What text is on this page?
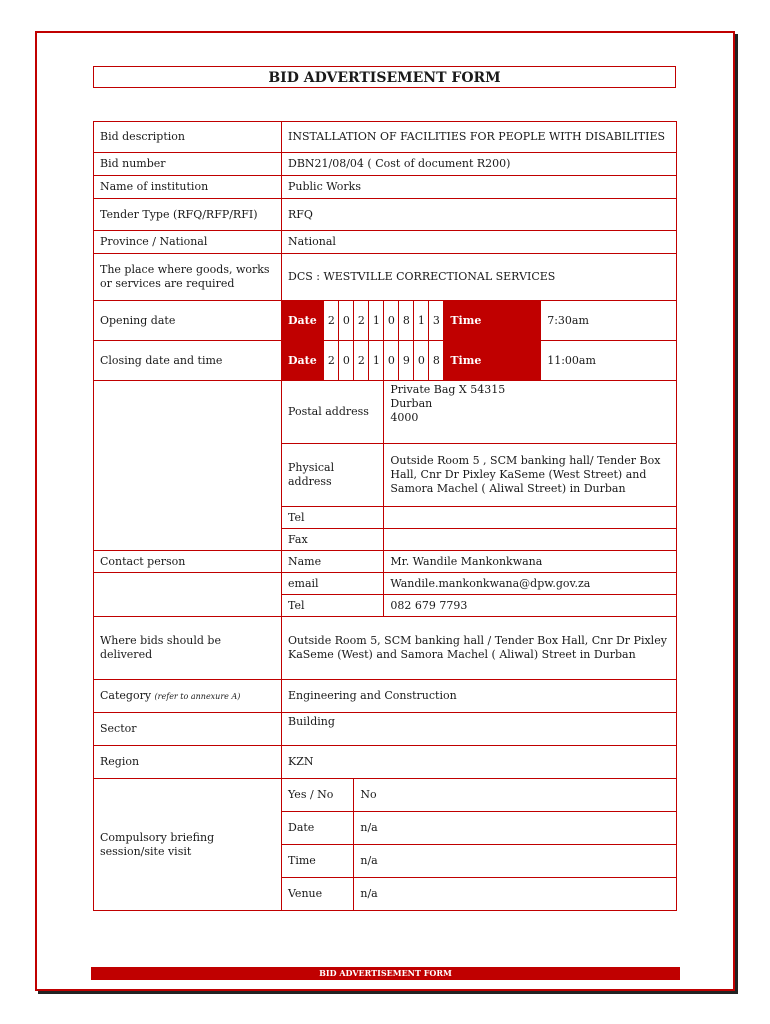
BID ADVERTISEMENT FORM
Bid description	INSTALLATION OF FACILITIES FOR PEOPLE WITH DISABILITIES										
Bid number	DBN21/08/04 ( Cost of document R200)										
Name of institution	Public Works										
Tender Type (RFQ/RFP/RFI)	RFQ										
Province / National	National										
The place where goods, works or services are required	DCS : WESTVILLE CORRECTIONAL SERVICES										
Opening date	Date	2	0	2	1	0	8	1	3	Time	7:30am
Closing date and time	Date	2	0	2	1	0	9	0	8	Time	11:00am
	Postal address					Private Bag X 54315
Durban
4000					
	Physical address					Outside Room 5 , SCM banking hall/ Tender Box Hall, Cnr Dr Pixley KaSeme (West Street) and Samora Machel ( Aliwal Street) in Durban					
	Tel										
	Fax										
Contact person	Name					Mr. Wandile Mankonkwana					
	email					Wandile.mankonkwana@dpw.gov.za					
	Tel					082 679 7793					
Where bids should be delivered	Outside Room 5, SCM banking hall / Tender Box Hall, Cnr Dr Pixley KaSeme (West) and Samora Machel ( Aliwal) Street in Durban										
Category (refer to annexure A)	Engineering and Construction										
Sector	Building										
Region	KZN										
Compulsory briefing session/site visit	Yes / No			No							
	Date			n/a							
	Time			n/a							
	Venue			n/a							
BID ADVERTISEMENT FORM
